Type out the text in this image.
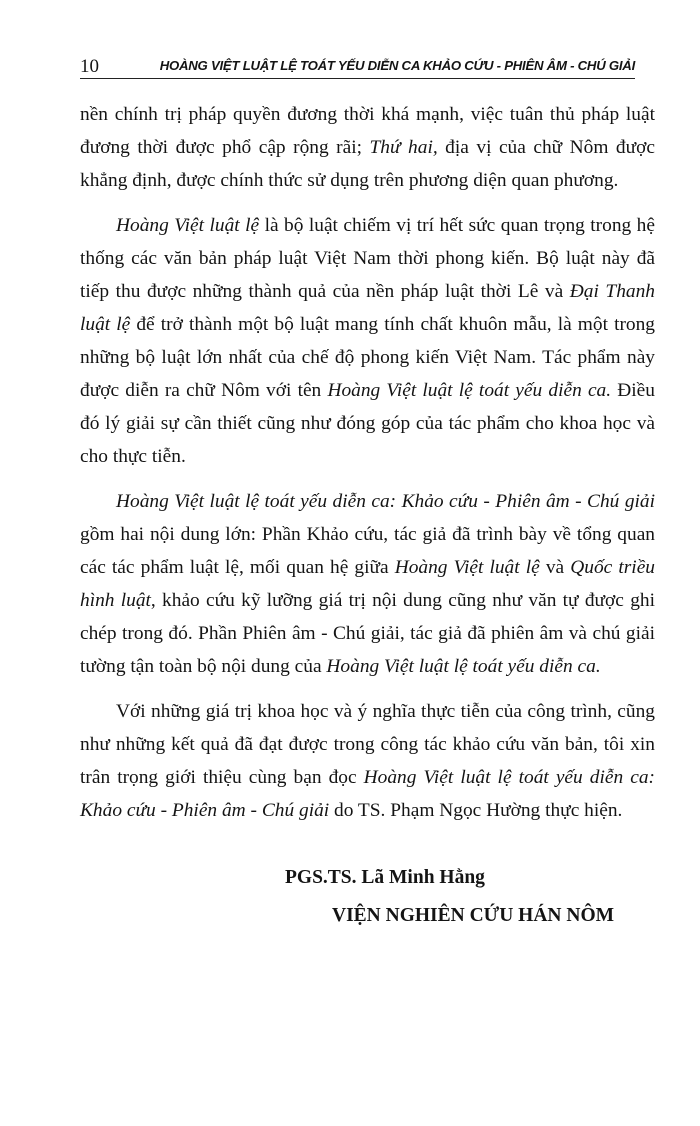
10	HOÀNG VIỆT LUẬT LỆ TOÁT YẾU DIỄN CA KHẢO CỨU - PHIÊN ÂM - CHÚ GIẢI

nền chính trị pháp quyền đương thời khá mạnh, việc tuân thủ pháp luật đương thời được phổ cập rộng rãi; Thứ hai, địa vị của chữ Nôm được khẳng định, được chính thức sử dụng trên phương diện quan phương.

Hoàng Việt luật lệ là bộ luật chiếm vị trí hết sức quan trọng trong hệ thống các văn bản pháp luật Việt Nam thời phong kiến. Bộ luật này đã tiếp thu được những thành quả của nền pháp luật thời Lê và Đại Thanh luật lệ để trở thành một bộ luật mang tính chất khuôn mẫu, là một trong những bộ luật lớn nhất của chế độ phong kiến Việt Nam. Tác phẩm này được diễn ra chữ Nôm với tên Hoàng Việt luật lệ toát yếu diễn ca. Điều đó lý giải sự cần thiết cũng như đóng góp của tác phẩm cho khoa học và cho thực tiễn.

Hoàng Việt luật lệ toát yếu diễn ca: Khảo cứu - Phiên âm - Chú giải gồm hai nội dung lớn: Phần Khảo cứu, tác giả đã trình bày về tổng quan các tác phẩm luật lệ, mối quan hệ giữa Hoàng Việt luật lệ và Quốc triều hình luật, khảo cứu kỹ lưỡng giá trị nội dung cũng như văn tự được ghi chép trong đó. Phần Phiên âm - Chú giải, tác giả đã phiên âm và chú giải tường tận toàn bộ nội dung của Hoàng Việt luật lệ toát yếu diễn ca.

Với những giá trị khoa học và ý nghĩa thực tiễn của công trình, cũng như những kết quả đã đạt được trong công tác khảo cứu văn bản, tôi xin trân trọng giới thiệu cùng bạn đọc Hoàng Việt luật lệ toát yếu diễn ca: Khảo cứu - Phiên âm - Chú giải do TS. Phạm Ngọc Hường thực hiện.

PGS.TS. Lã Minh Hằng
VIỆN NGHIÊN CỨU HÁN NÔM
